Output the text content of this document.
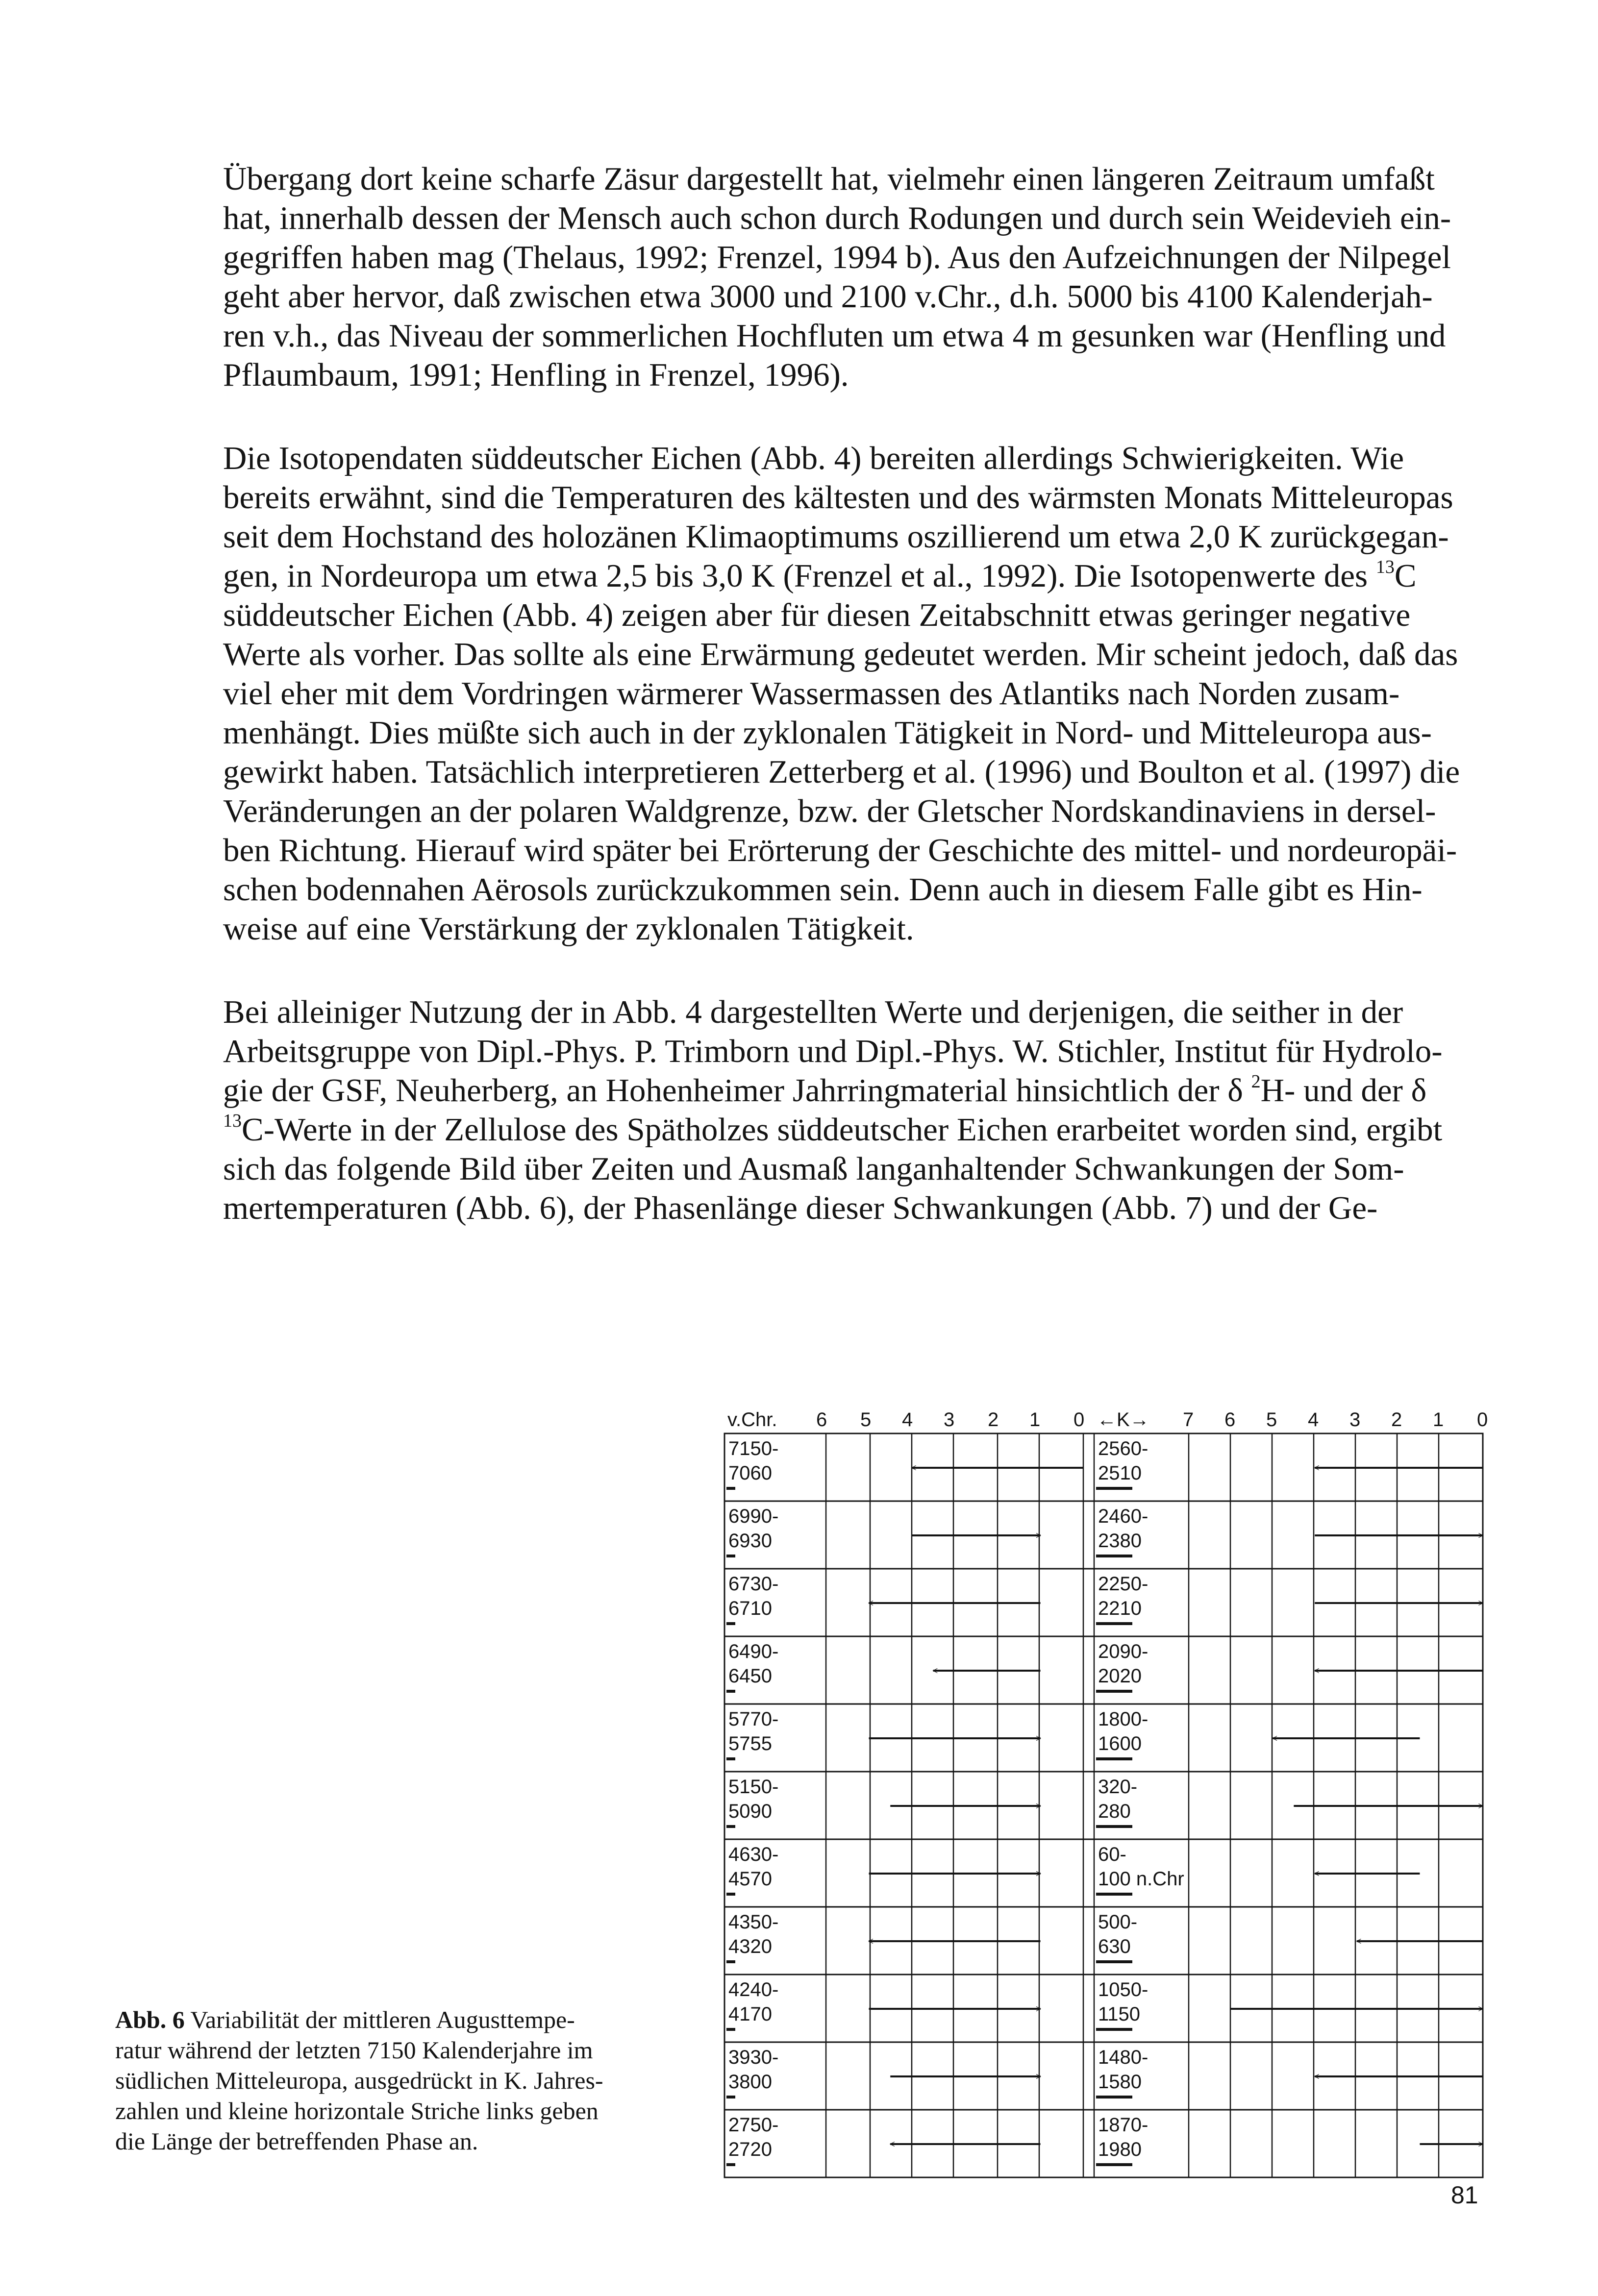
Übergang dort keine scharfe Zäsur dargestellt hat, vielmehr einen längeren Zeitraum umfaßt
hat, innerhalb dessen der Mensch auch schon durch Rodungen und durch sein Weidevieh ein-
gegriffen haben mag (Thelaus, 1992; Frenzel, 1994 b). Aus den Aufzeichnungen der Nilpegel
geht aber hervor, daß zwischen etwa 3000 und 2100 v.Chr., d.h. 5000 bis 4100 Kalenderjah-
ren v.h., das Niveau der sommerlichen Hochfluten um etwa 4 m gesunken war (Henfling und
Pflaumbaum, 1991; Henfling in Frenzel, 1996).
Die Isotopendaten süddeutscher Eichen (Abb. 4) bereiten allerdings Schwierigkeiten. Wie
bereits erwähnt, sind die Temperaturen des kältesten und des wärmsten Monats Mitteleuropas
seit dem Hochstand des holozänen Klimaoptimums oszillierend um etwa 2,0 K zurückgegan-
gen, in Nordeuropa um etwa 2,5 bis 3,0 K (Frenzel et al., 1992). Die Isotopenwerte des $^{13}$C
süddeutscher Eichen (Abb. 4) zeigen aber für diesen Zeitabschnitt etwas geringer negative
Werte als vorher. Das sollte als eine Erwärmung gedeutet werden. Mir scheint jedoch, daß das
viel eher mit dem Vordringen wärmerer Wassermassen des Atlantiks nach Norden zusam-
menhängt. Dies müßte sich auch in der zyklonalen Tätigkeit in Nord- und Mitteleuropa aus-
gewirkt haben. Tatsächlich interpretieren Zetterberg et al. (1996) und Boulton et al. (1997) die
Veränderungen an der polaren Waldgrenze, bzw. der Gletscher Nordskandinaviens in dersel-
ben Richtung. Hierauf wird später bei Erörterung der Geschichte des mittel- und nordeuropäi-
schen bodennahen Aërosols zurückzukommen sein. Denn auch in diesem Falle gibt es Hin-
weise auf eine Verstärkung der zyklonalen Tätigkeit.
Bei alleiniger Nutzung der in Abb. 4 dargestellten Werte und derjenigen, die seither in der
Arbeitsgruppe von Dipl.-Phys. P. Trimborn und Dipl.-Phys. W. Stichler, Institut für Hydrolo-
gie der GSF, Neuherberg, an Hohenheimer Jahrringmaterial hinsichtlich der δ $^2$H- und der δ
$^{13}$C-Werte in der Zellulose des Spätholzes süddeutscher Eichen erarbeitet worden sind, ergibt
sich das folgende Bild über Zeiten und Ausmaß langanhaltender Schwankungen der Som-
mertemperaturen (Abb. 6), der Phasenlänge dieser Schwankungen (Abb. 7) und der Ge-
6 5 4 3 2 1 0	7 6 5 4 3 2 1 0
7150-
7060
2560-
2510
6990-
6930
2460-
2380
6730-
6710
2250-
2210
6490-
6450
2090-
2020
5770-
5755
1800-
1600
5150-
5090
320-
280
4630-
4570
60-
100 n.Chr
4350-
4320
500-
630
4240-
4170
1050-
1150
3930-
3800
1480-
1580
2750-
2720
1870-
1980
v.Chr.	←K→
Abb. 6 Variabilität der mittleren Augusttempe-
ratur während der letzten 7150 Kalenderjahre im
südlichen Mitteleuropa, ausgedrückt in K. Jahres-
zahlen und kleine horizontale Striche links geben
die Länge der betreffenden Phase an.
81
